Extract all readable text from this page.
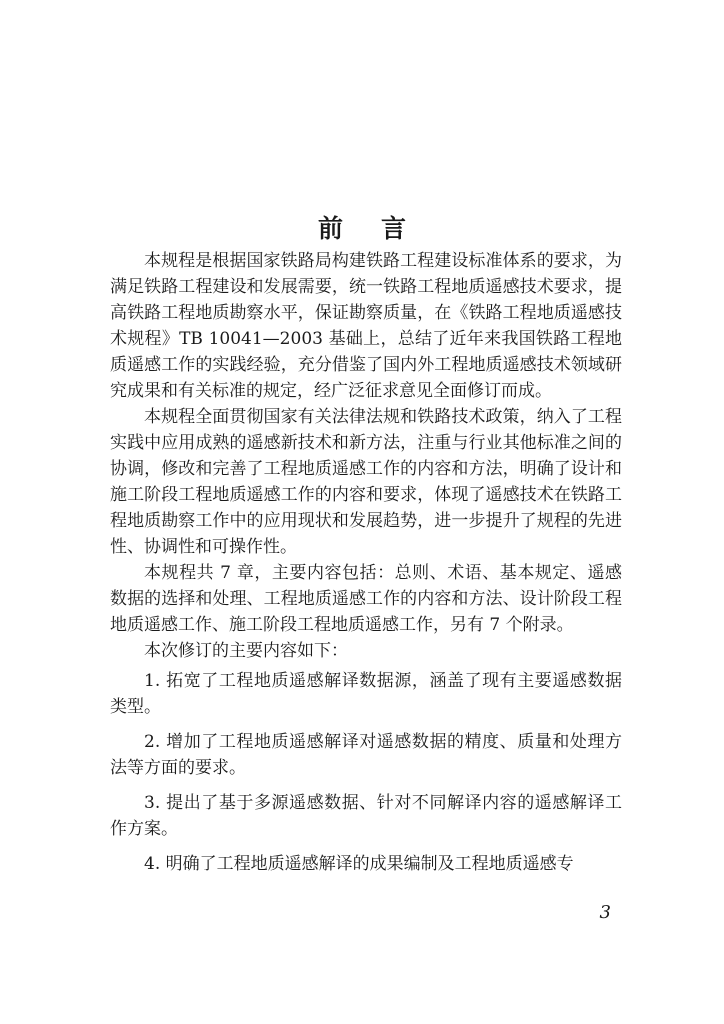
前言

本规程是根据国家铁路局构建铁路工程建设标准体系的要求，为满足铁路工程建设和发展需要，统一铁路工程地质遥感技术要求，提高铁路工程地质勘察水平，保证勘察质量，在《铁路工程地质遥感技术规程》TB 10041—2003 基础上，总结了近年来我国铁路工程地质遥感工作的实践经验，充分借鉴了国内外工程地质遥感技术领域研究成果和有关标准的规定，经广泛征求意见全面修订而成。

本规程全面贯彻国家有关法律法规和铁路技术政策，纳入了工程实践中应用成熟的遥感新技术和新方法，注重与行业其他标准之间的协调，修改和完善了工程地质遥感工作的内容和方法，明确了设计和施工阶段工程地质遥感工作的内容和要求，体现了遥感技术在铁路工程地质勘察工作中的应用现状和发展趋势，进一步提升了规程的先进性、协调性和可操作性。

本规程共 7 章，主要内容包括：总则、术语、基本规定、遥感数据的选择和处理、工程地质遥感工作的内容和方法、设计阶段工程地质遥感工作、施工阶段工程地质遥感工作，另有 7 个附录。

本次修订的主要内容如下：

1. 拓宽了工程地质遥感解译数据源，涵盖了现有主要遥感数据类型。

2. 增加了工程地质遥感解译对遥感数据的精度、质量和处理方法等方面的要求。

3. 提出了基于多源遥感数据、针对不同解译内容的遥感解译工作方案。

4. 明确了工程地质遥感解译的成果编制及工程地质遥感专

3
